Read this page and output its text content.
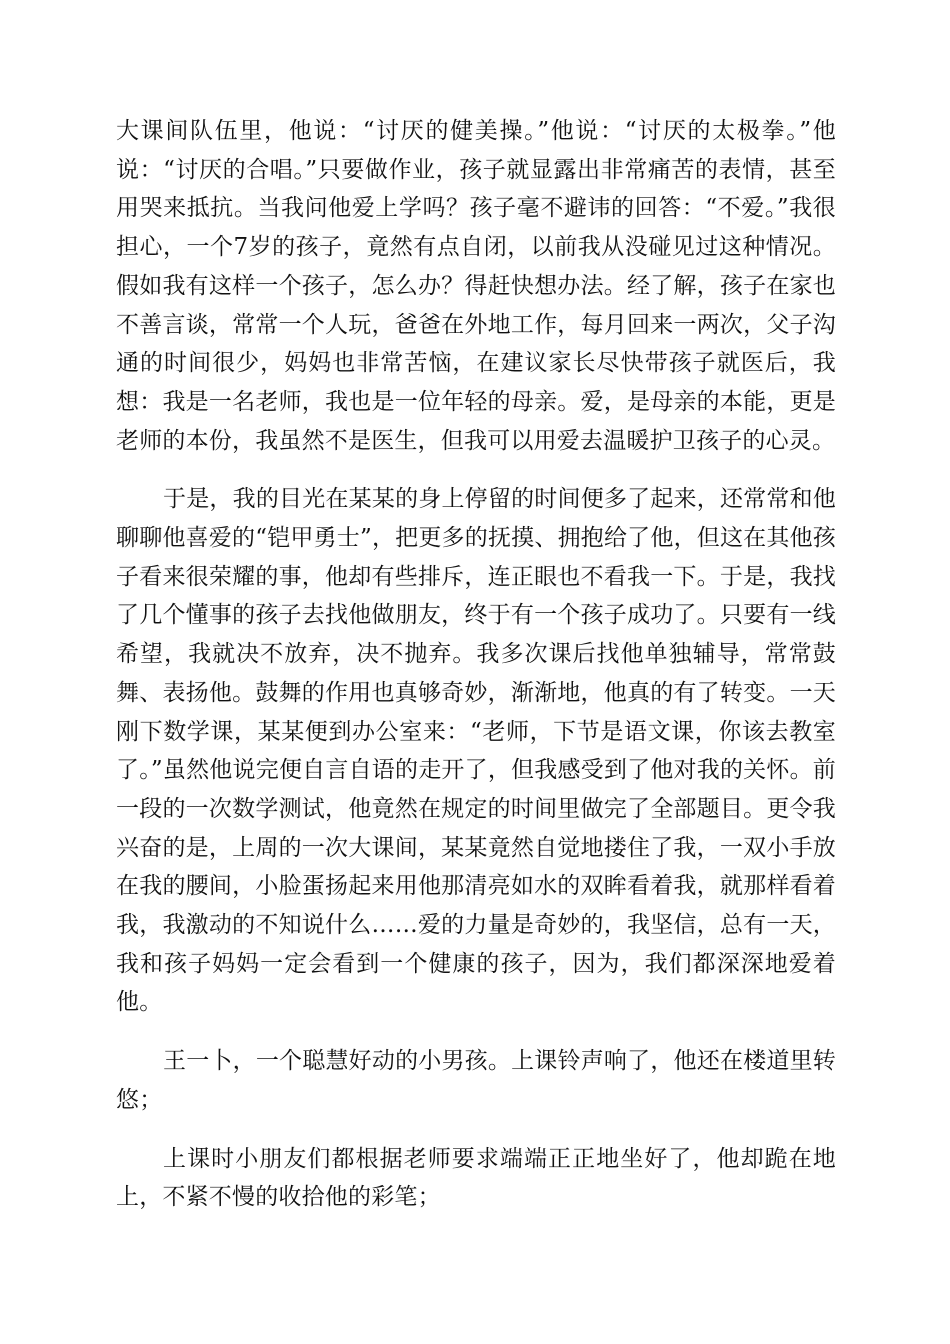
大课间队伍里，他说：“讨厌的健美操。”他说：“讨厌的太极拳。”他说：“讨厌的合唱。”只要做作业，孩子就显露出非常痛苦的表情，甚至用哭来抵抗。当我问他爱上学吗？孩子毫不避讳的回答：“不爱。”我很担心，一个7岁的孩子，竟然有点自闭，以前我从没碰见过这种情况。假如我有这样一个孩子，怎么办？得赶快想办法。经了解，孩子在家也不善言谈，常常一个人玩，爸爸在外地工作，每月回来一两次，父子沟通的时间很少，妈妈也非常苦恼，在建议家长尽快带孩子就医后，我想：我是一名老师，我也是一位年轻的母亲。爱，是母亲的本能，更是老师的本份，我虽然不是医生，但我可以用爱去温暖护卫孩子的心灵。

于是，我的目光在某某的身上停留的时间便多了起来，还常常和他聊聊他喜爱的“铠甲勇士”，把更多的抚摸、拥抱给了他，但这在其他孩子看来很荣耀的事，他却有些排斥，连正眼也不看我一下。于是，我找了几个懂事的孩子去找他做朋友，终于有一个孩子成功了。只要有一线希望，我就决不放弃，决不抛弃。我多次课后找他单独辅导，常常鼓舞、表扬他。鼓舞的作用也真够奇妙，渐渐地，他真的有了转变。一天刚下数学课，某某便到办公室来：“老师，下节是语文课，你该去教室了。”虽然他说完便自言自语的走开了，但我感受到了他对我的关怀。前一段的一次数学测试，他竟然在规定的时间里做完了全部题目。更令我兴奋的是，上周的一次大课间，某某竟然自觉地搂住了我，一双小手放在我的腰间，小脸蛋扬起来用他那清亮如水的双眸看着我，就那样看着我，我激动的不知说什么……爱的力量是奇妙的，我坚信，总有一天，我和孩子妈妈一定会看到一个健康的孩子，因为，我们都深深地爱着他。

王一卜，一个聪慧好动的小男孩。上课铃声响了，他还在楼道里转悠；

上课时小朋友们都根据老师要求端端正正地坐好了，他却跪在地上，不紧不慢的收拾他的彩笔；
